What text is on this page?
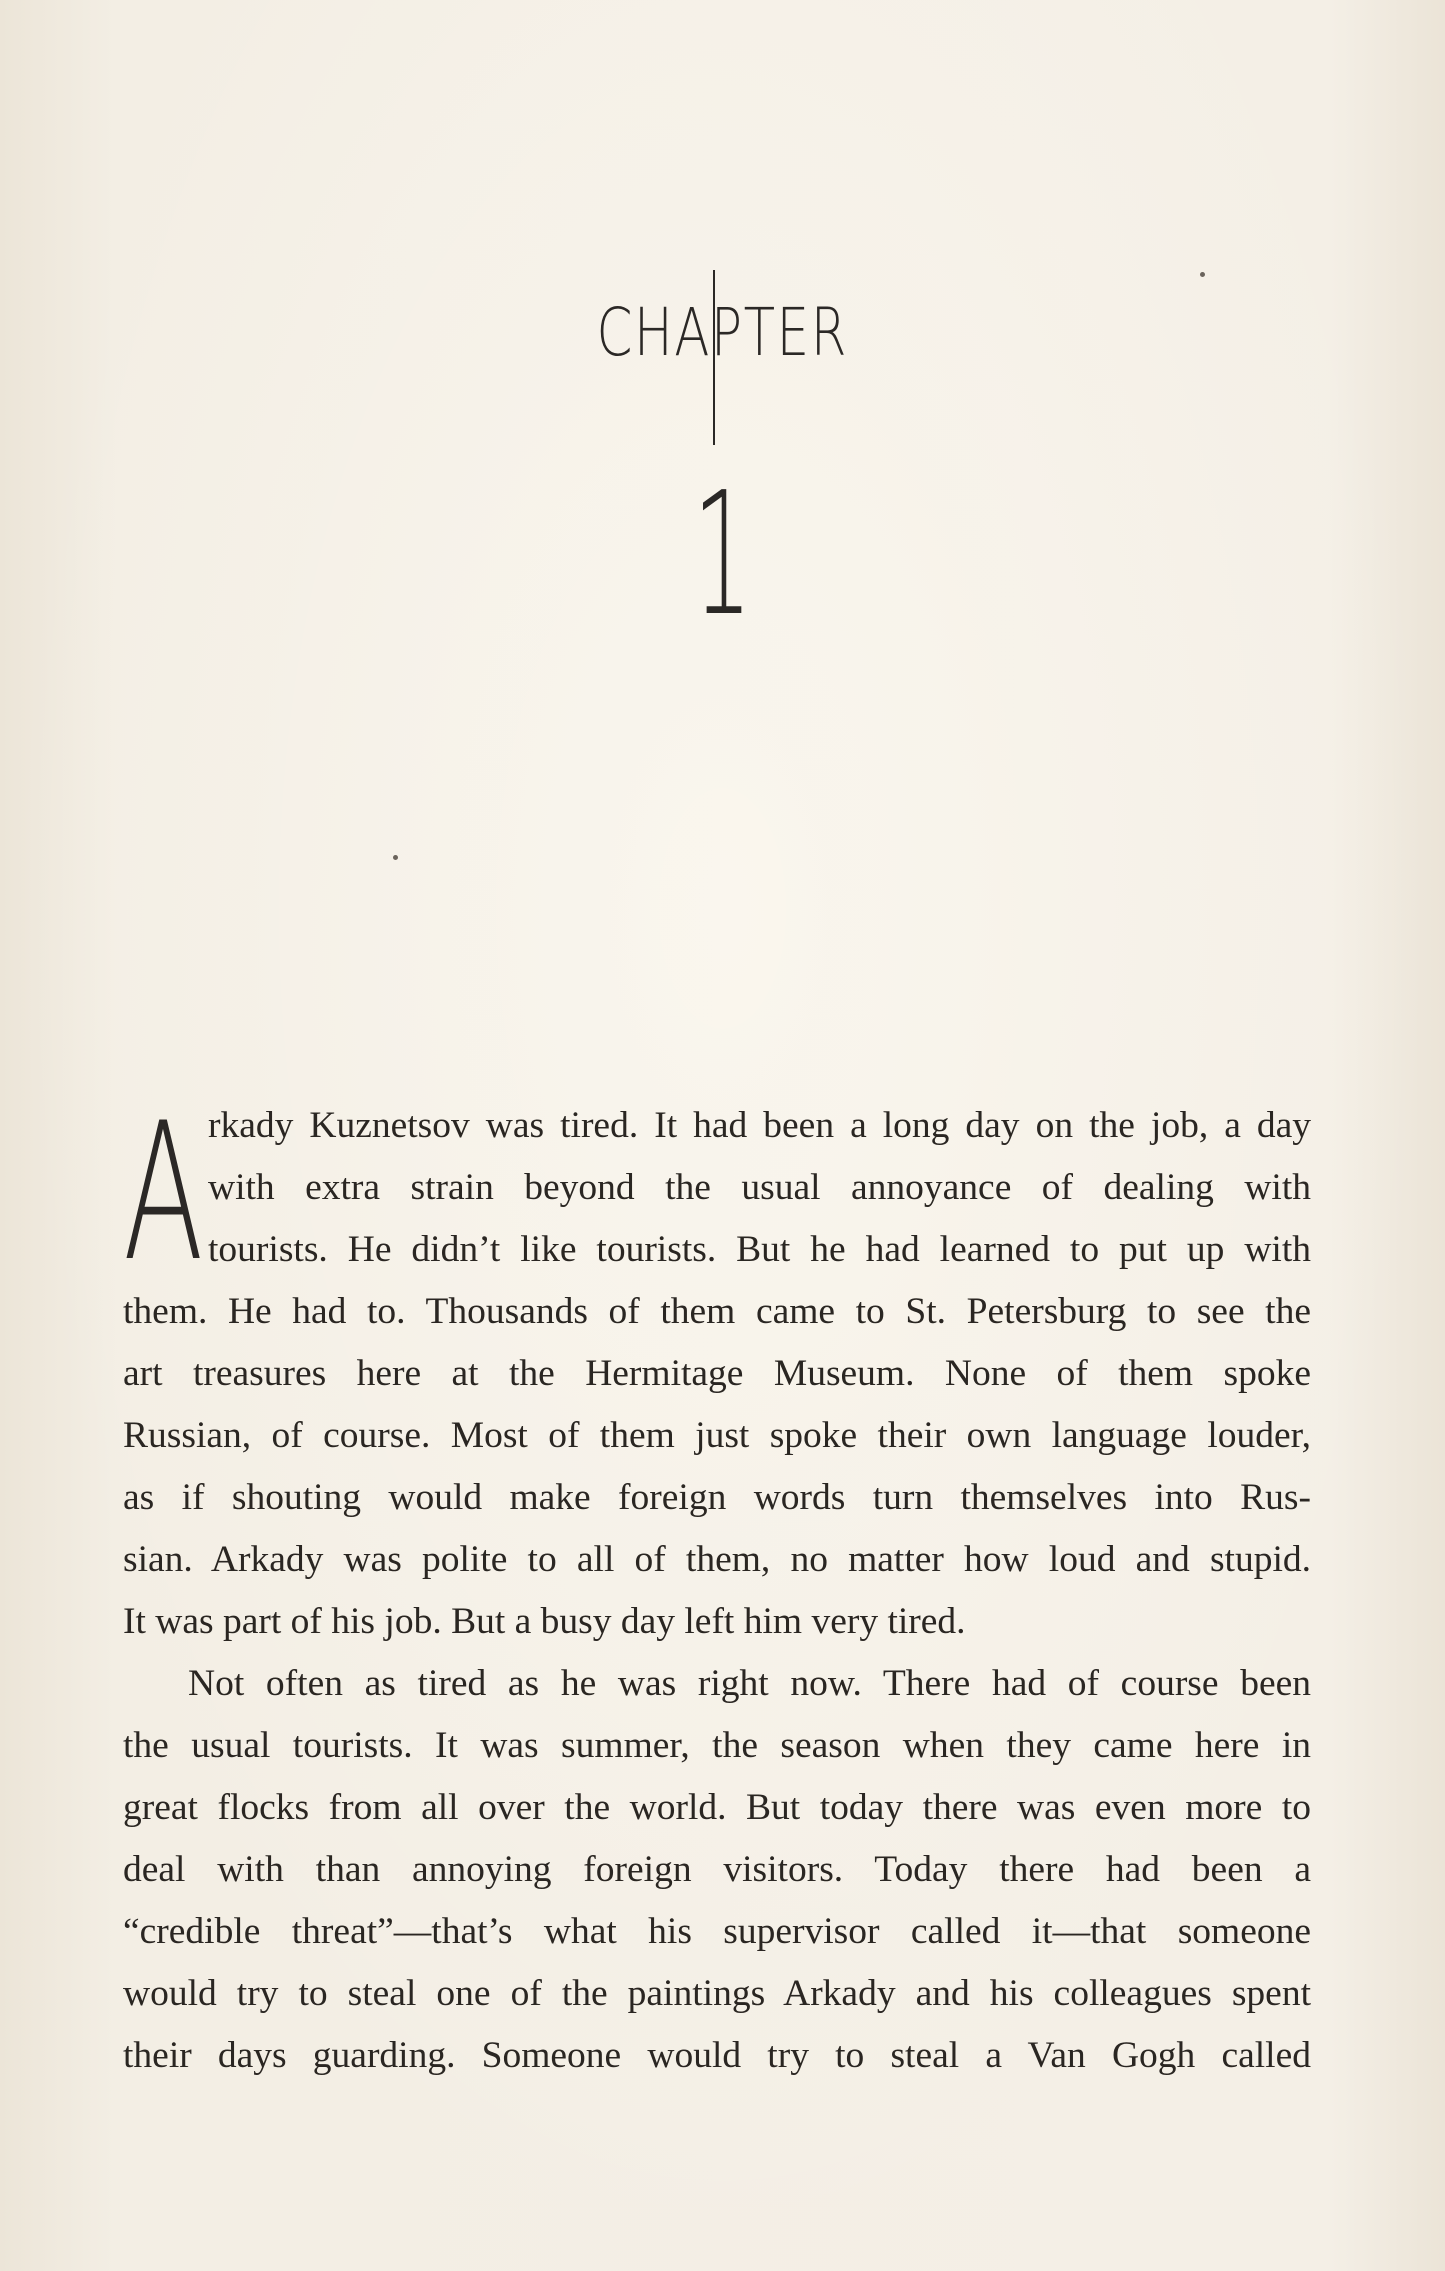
CHAPTER
1
A rkady Kuznetsov was tired. It had been a long day on the job, a day
with extra strain beyond the usual annoyance of dealing with
tourists. He didn’t like tourists. But he had learned to put up with
them. He had to. Thousands of them came to St. Petersburg to see the
art treasures here at the Hermitage Museum. None of them spoke
Russian, of course. Most of them just spoke their own language louder,
as if shouting would make foreign words turn themselves into Rus-
sian. Arkady was polite to all of them, no matter how loud and stupid.
It was part of his job. But a busy day left him very tired.
Not often as tired as he was right now. There had of course been
the usual tourists. It was summer, the season when they came here in
great flocks from all over the world. But today there was even more to
deal with than annoying foreign visitors. Today there had been a
“credible threat”—that’s what his supervisor called it—that someone
would try to steal one of the paintings Arkady and his colleagues spent
their days guarding. Someone would try to steal a Van Gogh called
